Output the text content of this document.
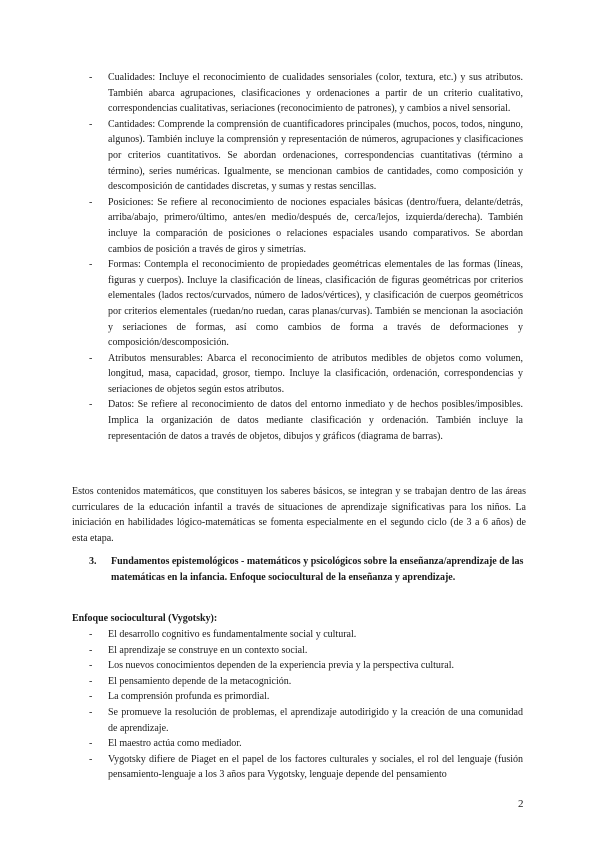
- Cualidades: Incluye el reconocimiento de cualidades sensoriales (color, textura, etc.) y sus atributos. También abarca agrupaciones, clasificaciones y ordenaciones a partir de un criterio cualitativo, correspondencias cualitativas, seriaciones (reconocimiento de patrones), y cambios a nivel sensorial.
- Cantidades: Comprende la comprensión de cuantificadores principales (muchos, pocos, todos, ninguno, algunos). También incluye la comprensión y representación de números, agrupaciones y clasificaciones por criterios cuantitativos. Se abordan ordenaciones, correspondencias cuantitativas (término a término), series numéricas. Igualmente, se mencionan cambios de cantidades, como composición y descomposición de cantidades discretas, y sumas y restas sencillas.
- Posiciones: Se refiere al reconocimiento de nociones espaciales básicas (dentro/fuera, delante/detrás, arriba/abajo, primero/último, antes/en medio/después de, cerca/lejos, izquierda/derecha). También incluye la comparación de posiciones o relaciones espaciales usando comparativos. Se abordan cambios de posición a través de giros y simetrías.
- Formas: Contempla el reconocimiento de propiedades geométricas elementales de las formas (líneas, figuras y cuerpos). Incluye la clasificación de líneas, clasificación de figuras geométricas por criterios elementales (lados rectos/curvados, número de lados/vértices), y clasificación de cuerpos geométricos por criterios elementales (ruedan/no ruedan, caras planas/curvas). También se mencionan la asociación y seriaciones de formas, así como cambios de forma a través de deformaciones y composición/descomposición.
- Atributos mensurables: Abarca el reconocimiento de atributos medibles de objetos como volumen, longitud, masa, capacidad, grosor, tiempo. Incluye la clasificación, ordenación, correspondencias y seriaciones de objetos según estos atributos.
- Datos: Se refiere al reconocimiento de datos del entorno inmediato y de hechos posibles/imposibles. Implica la organización de datos mediante clasificación y ordenación. También incluye la representación de datos a través de objetos, dibujos y gráficos (diagrama de barras).

Estos contenidos matemáticos, que constituyen los saberes básicos, se integran y se trabajan dentro de las áreas curriculares de la educación infantil a través de situaciones de aprendizaje significativas para los niños. La iniciación en habilidades lógico-matemáticas se fomenta especialmente en el segundo ciclo (de 3 a 6 años) de esta etapa.

3.	Fundamentos epistemológicos - matemáticos y psicológicos sobre la enseñanza/aprendizaje de las matemáticas en la infancia. Enfoque sociocultural de la enseñanza y aprendizaje.

Enfoque sociocultural (Vygotsky):

- El desarrollo cognitivo es fundamentalmente social y cultural.
- El aprendizaje se construye en un contexto social.
- Los nuevos conocimientos dependen de la experiencia previa y la perspectiva cultural.
- El pensamiento depende de la metacognición.
- La comprensión profunda es primordial.
- Se promueve la resolución de problemas, el aprendizaje autodirigido y la creación de una comunidad de aprendizaje.
- El maestro actúa como mediador.
- Vygotsky difiere de Piaget en el papel de los factores culturales y sociales, el rol del lenguaje (fusión pensamiento-lenguaje a los 3 años para Vygotsky, lenguaje depende del pensamiento
2
